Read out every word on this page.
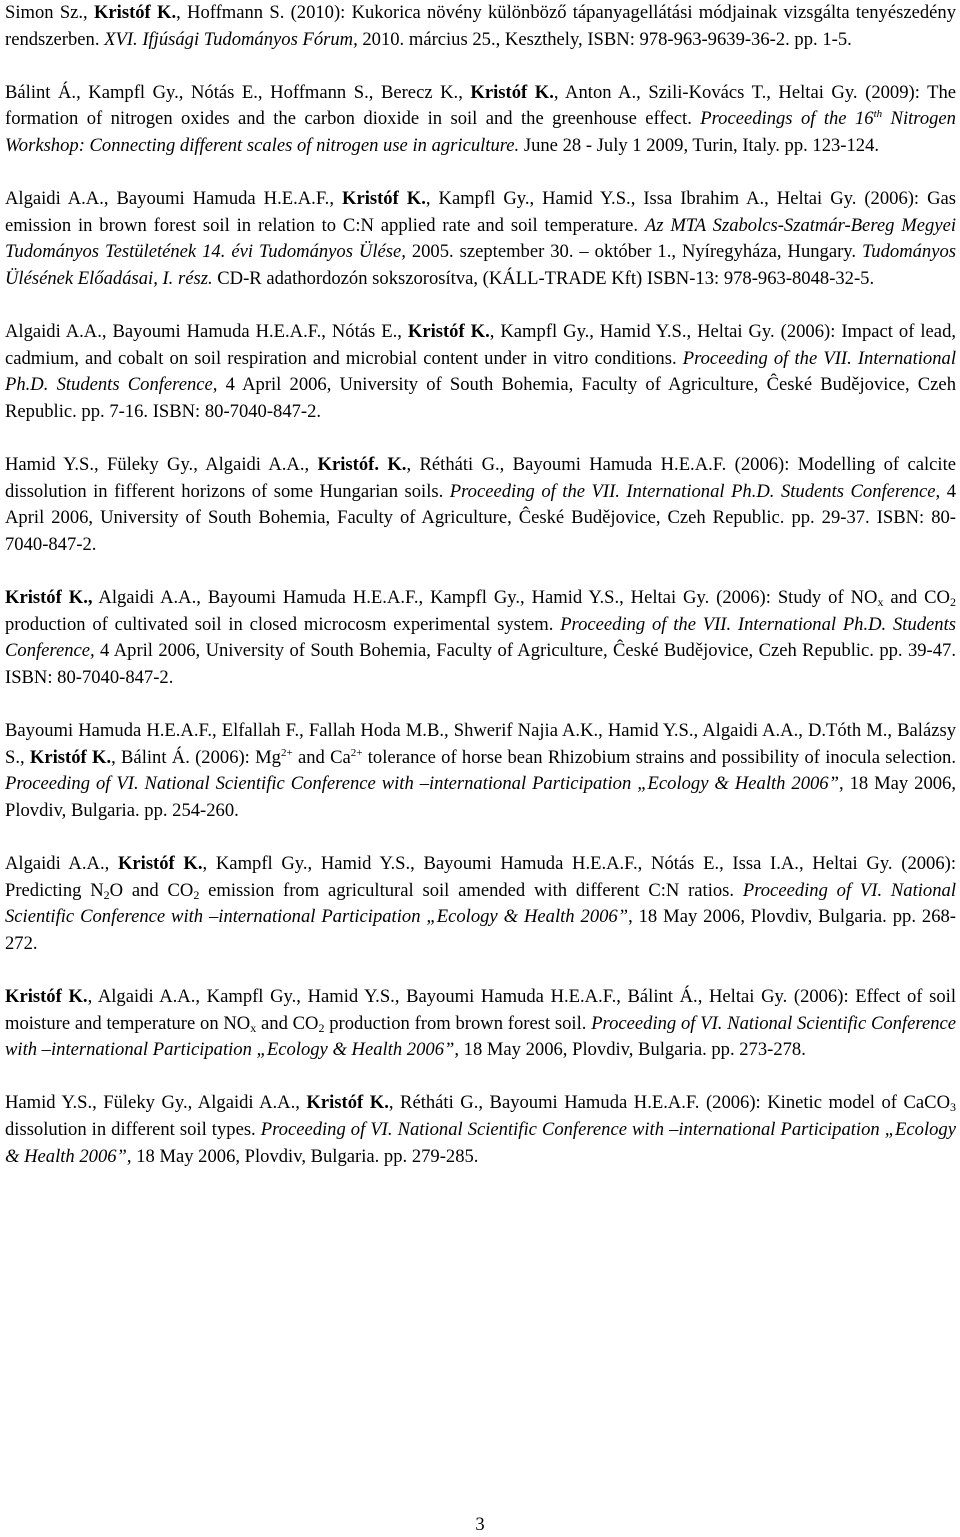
Simon Sz., Kristóf K., Hoffmann S. (2010): Kukorica növény különböző tápanyagellátási módjainak vizsgálta tenyészedény rendszerben. XVI. Ifjúsági Tudományos Fórum, 2010. március 25., Keszthely, ISBN: 978-963-9639-36-2. pp. 1-5.

Bálint Á., Kampfl Gy., Nótás E., Hoffmann S., Berecz K., Kristóf K., Anton A., Szili-Kovács T., Heltai Gy. (2009): The formation of nitrogen oxides and the carbon dioxide in soil and the greenhouse effect. Proceedings of the 16th Nitrogen Workshop: Connecting different scales of nitrogen use in agriculture. June 28 - July 1 2009, Turin, Italy. pp. 123-124.

Algaidi A.A., Bayoumi Hamuda H.E.A.F., Kristóf K., Kampfl Gy., Hamid Y.S., Issa Ibrahim A., Heltai Gy. (2006): Gas emission in brown forest soil in relation to C:N applied rate and soil temperature. Az MTA Szabolcs-Szatmár-Bereg Megyei Tudományos Testületének 14. évi Tudományos Ülése, 2005. szeptember 30. – október 1., Nyíregyháza, Hungary. Tudományos Ülésének Előadásai, I. rész. CD-R adathordozón sokszorosítva, (KÁLL-TRADE Kft) ISBN-13: 978-963-8048-32-5.

Algaidi A.A., Bayoumi Hamuda H.E.A.F., Nótás E., Kristóf K., Kampfl Gy., Hamid Y.S., Heltai Gy. (2006): Impact of lead, cadmium, and cobalt on soil respiration and microbial content under in vitro conditions. Proceeding of the VII. International Ph.D. Students Conference, 4 April 2006, University of South Bohemia, Faculty of Agriculture, Ĉeské Budějovice, Czeh Republic. pp. 7-16. ISBN: 80-7040-847-2.

Hamid Y.S., Füleky Gy., Algaidi A.A., Kristóf. K., Rétháti G., Bayoumi Hamuda H.E.A.F. (2006): Modelling of calcite dissolution in fifferent horizons of some Hungarian soils. Proceeding of the VII. International Ph.D. Students Conference, 4 April 2006, University of South Bohemia, Faculty of Agriculture, Ĉeské Budějovice, Czeh Republic. pp. 29-37. ISBN: 80-7040-847-2.

Kristóf K., Algaidi A.A., Bayoumi Hamuda H.E.A.F., Kampfl Gy., Hamid Y.S., Heltai Gy. (2006): Study of NOx and CO2 production of cultivated soil in closed microcosm experimental system. Proceeding of the VII. International Ph.D. Students Conference, 4 April 2006, University of South Bohemia, Faculty of Agriculture, Ĉeské Budějovice, Czeh Republic. pp. 39-47. ISBN: 80-7040-847-2.

Bayoumi Hamuda H.E.A.F., Elfallah F., Fallah Hoda M.B., Shwerif Najia A.K., Hamid Y.S., Algaidi A.A., D.Tóth M., Balázsy S., Kristóf K., Bálint Á. (2006): $Mg^{2+}$ and $Ca^{2+}$ tolerance of horse bean Rhizobium strains and possibility of inocula selection. Proceeding of VI. National Scientific Conference with –international Participation „Ecology & Health 2006”, 18 May 2006, Plovdiv, Bulgaria. pp. 254-260.

Algaidi A.A., Kristóf K., Kampfl Gy., Hamid Y.S., Bayoumi Hamuda H.E.A.F., Nótás E., Issa I.A., Heltai Gy. (2006): Predicting N2O and CO2 emission from agricultural soil amended with different C:N ratios. Proceeding of VI. National Scientific Conference with –international Participation „Ecology & Health 2006”, 18 May 2006, Plovdiv, Bulgaria. pp. 268-272.

Kristóf K., Algaidi A.A., Kampfl Gy., Hamid Y.S., Bayoumi Hamuda H.E.A.F., Bálint Á., Heltai Gy. (2006): Effect of soil moisture and temperature on NOx and CO2 production from brown forest soil. Proceeding of VI. National Scientific Conference with –international Participation „Ecology & Health 2006”, 18 May 2006, Plovdiv, Bulgaria. pp. 273-278.

Hamid Y.S., Füleky Gy., Algaidi A.A., Kristóf K., Rétháti G., Bayoumi Hamuda H.E.A.F. (2006): Kinetic model of CaCO3 dissolution in different soil types. Proceeding of VI. National Scientific Conference with –international Participation „Ecology & Health 2006”, 18 May 2006, Plovdiv, Bulgaria. pp. 279-285.

3
